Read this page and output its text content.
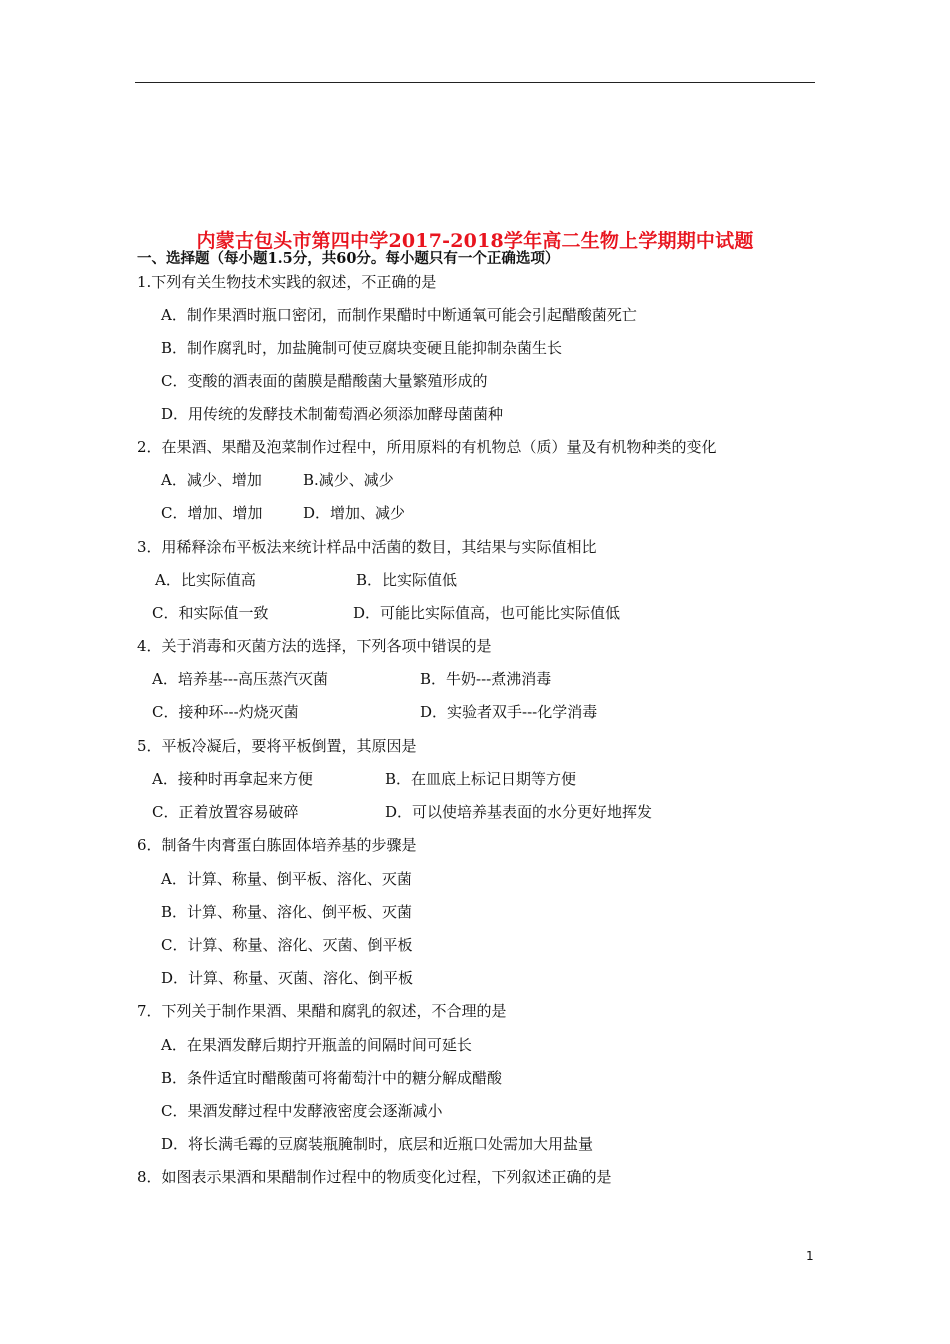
内蒙古包头市第四中学2017-2018学年高二生物上学期期中试题
一、选择题（每小题1.5分，共60分。每小题只有一个正确选项）
1.下列有关生物技术实践的叙述，不正确的是
A．制作果酒时瓶口密闭，而制作果醋时中断通氧可能会引起醋酸菌死亡
B．制作腐乳时，加盐腌制可使豆腐块变硬且能抑制杂菌生长
C．变酸的酒表面的菌膜是醋酸菌大量繁殖形成的
D．用传统的发酵技术制葡萄酒必须添加酵母菌菌种
2．在果酒、果醋及泡菜制作过程中，所用原料的有机物总（质）量及有机物种类的变化
A．减少、增加	B.减少、减少
C．增加、增加	D．增加、减少
3．用稀释涂布平板法来统计样品中活菌的数目，其结果与实际值相比
A．比实际值高	B．比实际值低
C．和实际值一致	D．可能比实际值高，也可能比实际值低
4．关于消毒和灭菌方法的选择，下列各项中错误的是
A．培养基---高压蒸汽灭菌	B．牛奶---煮沸消毒
C．接种环---灼烧灭菌	D．实验者双手---化学消毒
5．平板冷凝后，要将平板倒置，其原因是
A．接种时再拿起来方便	B．在皿底上标记日期等方便
C．正着放置容易破碎	D．可以使培养基表面的水分更好地挥发
6．制备牛肉膏蛋白胨固体培养基的步骤是
A．计算、称量、倒平板、溶化、灭菌
B．计算、称量、溶化、倒平板、灭菌
C．计算、称量、溶化、灭菌、倒平板
D．计算、称量、灭菌、溶化、倒平板
7．下列关于制作果酒、果醋和腐乳的叙述，不合理的是
A．在果酒发酵后期拧开瓶盖的间隔时间可延长
B．条件适宜时醋酸菌可将葡萄汁中的糖分解成醋酸
C．果酒发酵过程中发酵液密度会逐渐减小
D．将长满毛霉的豆腐装瓶腌制时，底层和近瓶口处需加大用盐量
8．如图表示果酒和果醋制作过程中的物质变化过程，下列叙述正确的是
1
